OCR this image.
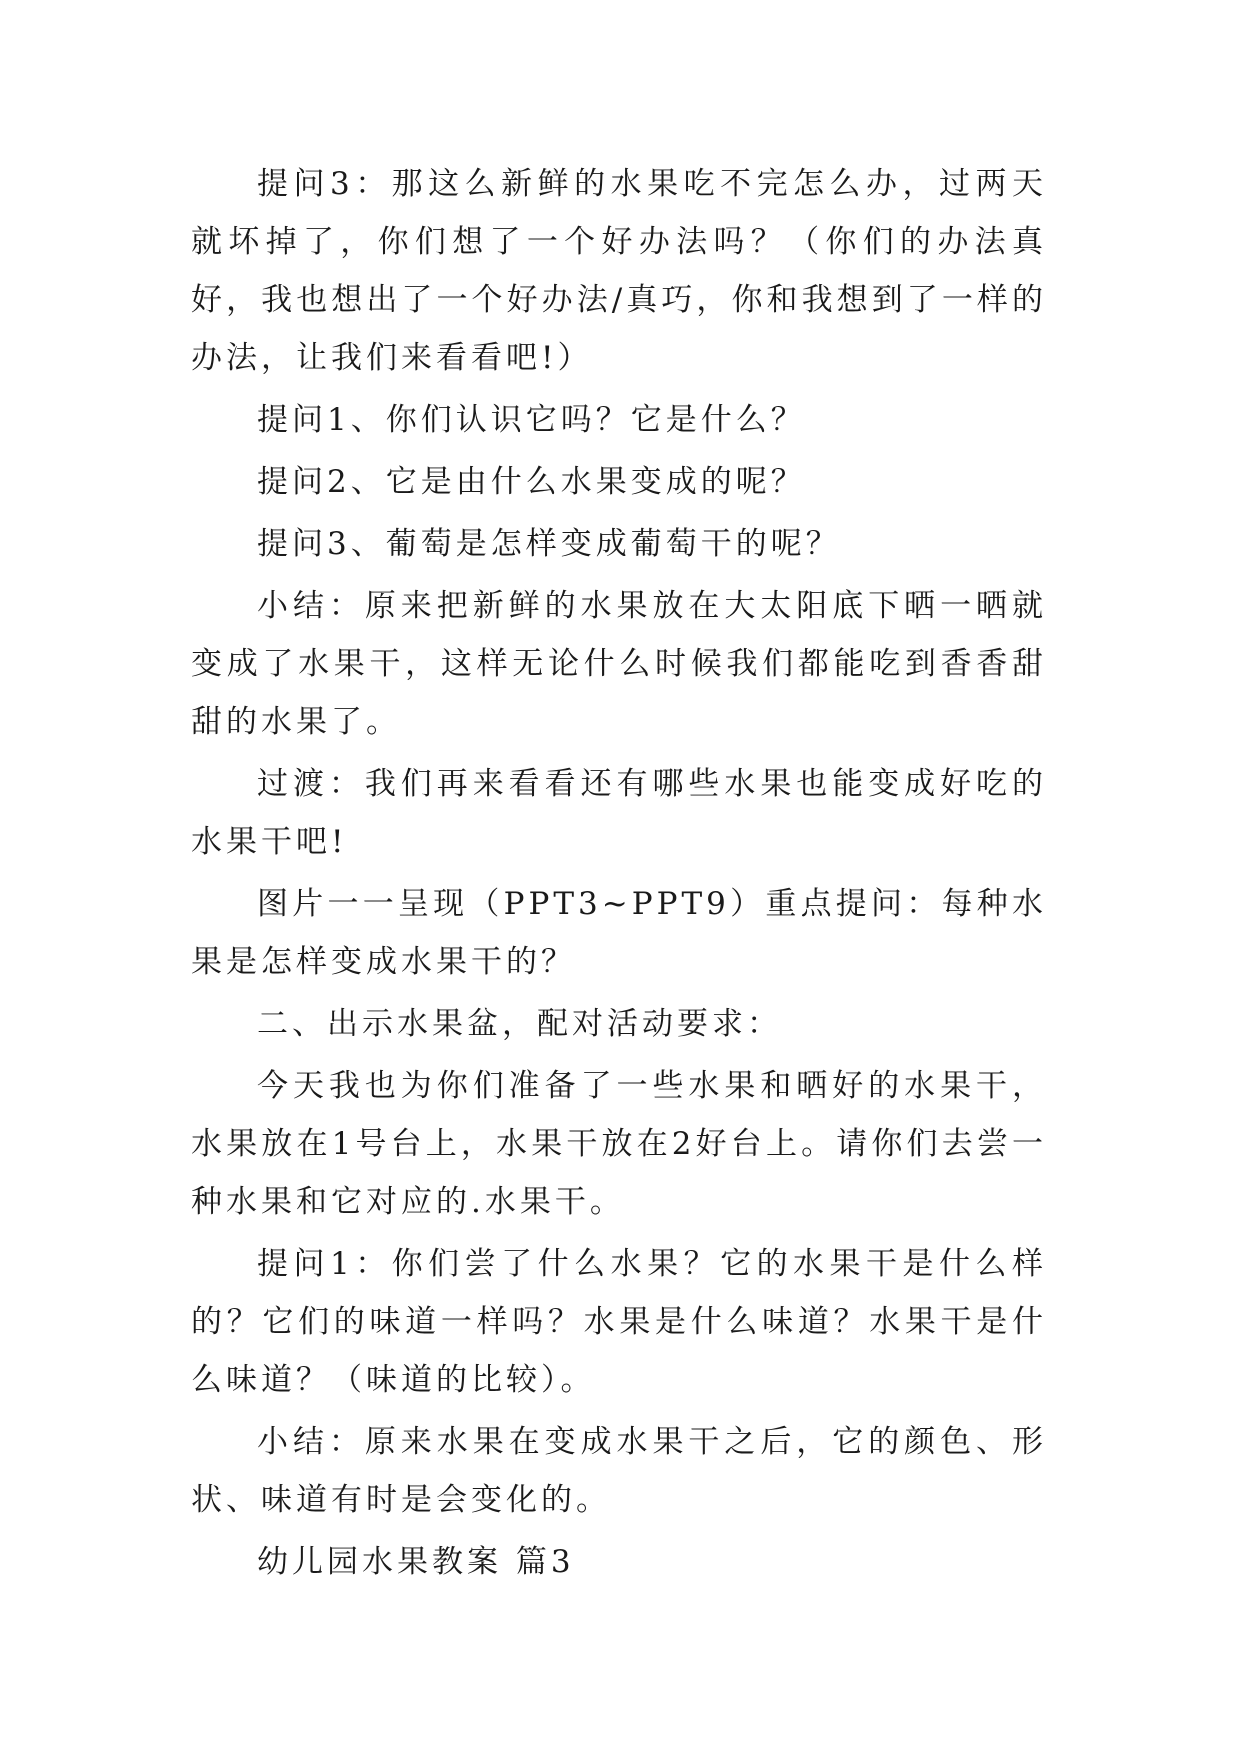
提问3：那这么新鲜的水果吃不完怎么办，过两天就坏掉了，你们想了一个好办法吗？（你们的办法真好，我也想出了一个好办法/真巧，你和我想到了一样的办法，让我们来看看吧!）

提问1、你们认识它吗？它是什么？

提问2、它是由什么水果变成的呢？

提问3、葡萄是怎样变成葡萄干的呢？

小结：原来把新鲜的水果放在大太阳底下晒一晒就变成了水果干，这样无论什么时候我们都能吃到香香甜甜的水果了。

过渡：我们再来看看还有哪些水果也能变成好吃的水果干吧!

图片一一呈现（PPT3~PPT9）重点提问：每种水果是怎样变成水果干的？

二、出示水果盆，配对活动要求：

今天我也为你们准备了一些水果和晒好的水果干，水果放在1号台上，水果干放在2好台上。请你们去尝一种水果和它对应的.水果干。

提问1：你们尝了什么水果？它的水果干是什么样的？它们的味道一样吗？水果是什么味道？水果干是什么味道？（味道的比较）。

小结：原来水果在变成水果干之后，它的颜色、形状、味道有时是会变化的。

幼儿园水果教案 篇3
